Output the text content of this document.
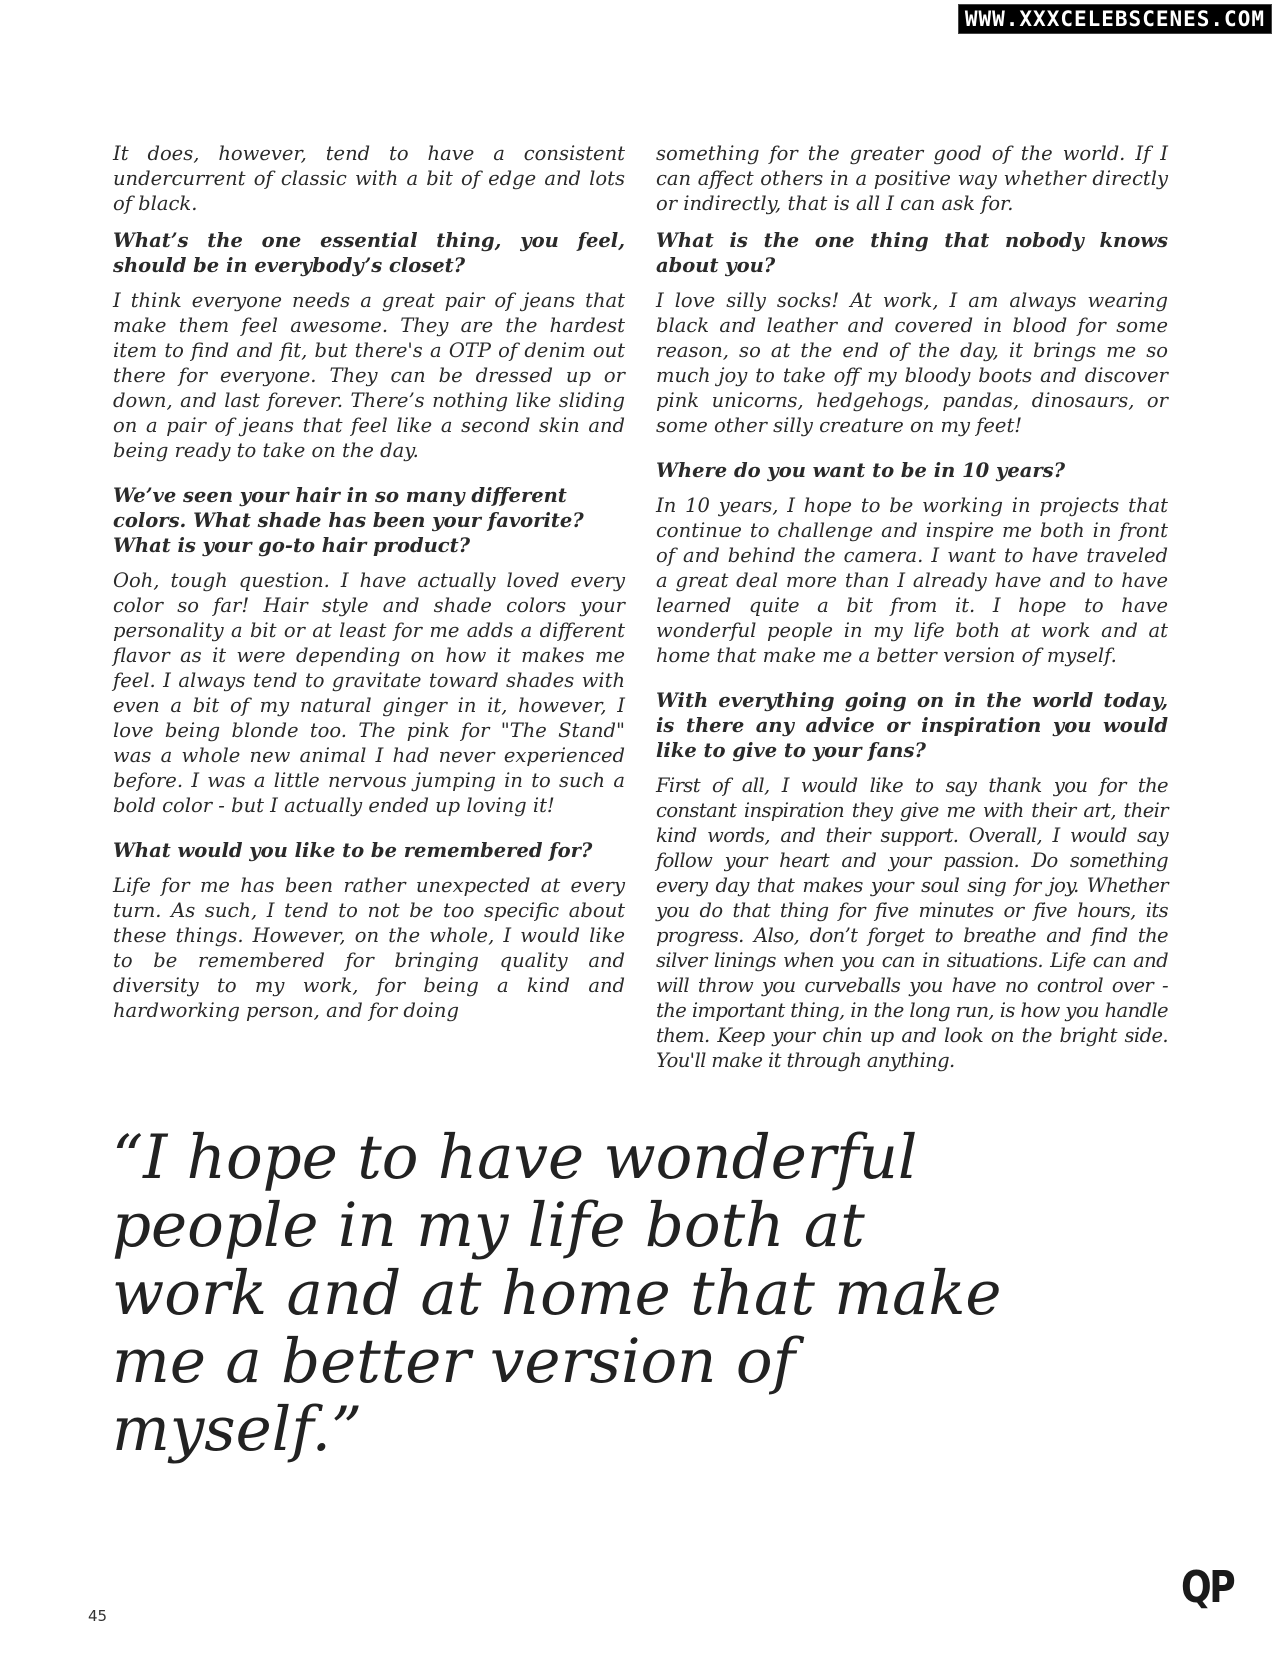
WWW.XXXCELEBSCENES.COM

It does, however, tend to have a consistent undercurrent of classic with a bit of edge and lots of black.

What’s the one essential thing, you feel, should be in everybody’s closet?

I think everyone needs a great pair of jeans that make them feel awesome. They are the hardest item to find and fit, but there's a OTP of denim out there for everyone. They can be dressed up or down, and last forever. There’s nothing like sliding on a pair of jeans that feel like a second skin and being ready to take on the day.

We’ve seen your hair in so many different colors. What shade has been your favorite? What is your go-to hair product?

Ooh, tough question. I have actually loved every color so far! Hair style and shade colors your personality a bit or at least for me adds a different flavor as it were depending on how it makes me feel. I always tend to gravitate toward shades with even a bit of my natural ginger in it, however, I love being blonde too. The pink for "The Stand" was a whole new animal I had never experienced before. I was a little nervous jumping in to such a bold color - but I actually ended up loving it!

What would you like to be remembered for?

Life for me has been rather unexpected at every turn. As such, I tend to not be too specific about these things. However, on the whole, I would like to be remembered for bringing quality and diversity to my work, for being a kind and hardworking person, and for doing

something for the greater good of the world. If I can affect others in a positive way whether directly or indirectly, that is all I can ask for.

What is the one thing that nobody knows about you?

I love silly socks! At work, I am always wearing black and leather and covered in blood for some reason, so at the end of the day, it brings me so much joy to take off my bloody boots and discover pink unicorns, hedgehogs, pandas, dinosaurs, or some other silly creature on my feet!

Where do you want to be in 10 years?

In 10 years, I hope to be working in projects that continue to challenge and inspire me both in front of and behind the camera. I want to have traveled a great deal more than I already have and to have learned quite a bit from it. I hope to have wonderful people in my life both at work and at home that make me a better version of myself.

With everything going on in the world today, is there any advice or inspiration you would like to give to your fans?

First of all, I would like to say thank you for the constant inspiration they give me with their art, their kind words, and their support. Overall, I would say follow your heart and your passion. Do something every day that makes your soul sing for joy. Whether you do that thing for five minutes or five hours, its progress. Also, don’t forget to breathe and find the silver linings when you can in situations. Life can and will throw you curveballs you have no control over - the important thing, in the long run, is how you handle them. Keep your chin up and look on the bright side. You'll make it through anything.

“I hope to have wonderful people in my life both at work and at home that make me a better version of myself.”

45
QP
